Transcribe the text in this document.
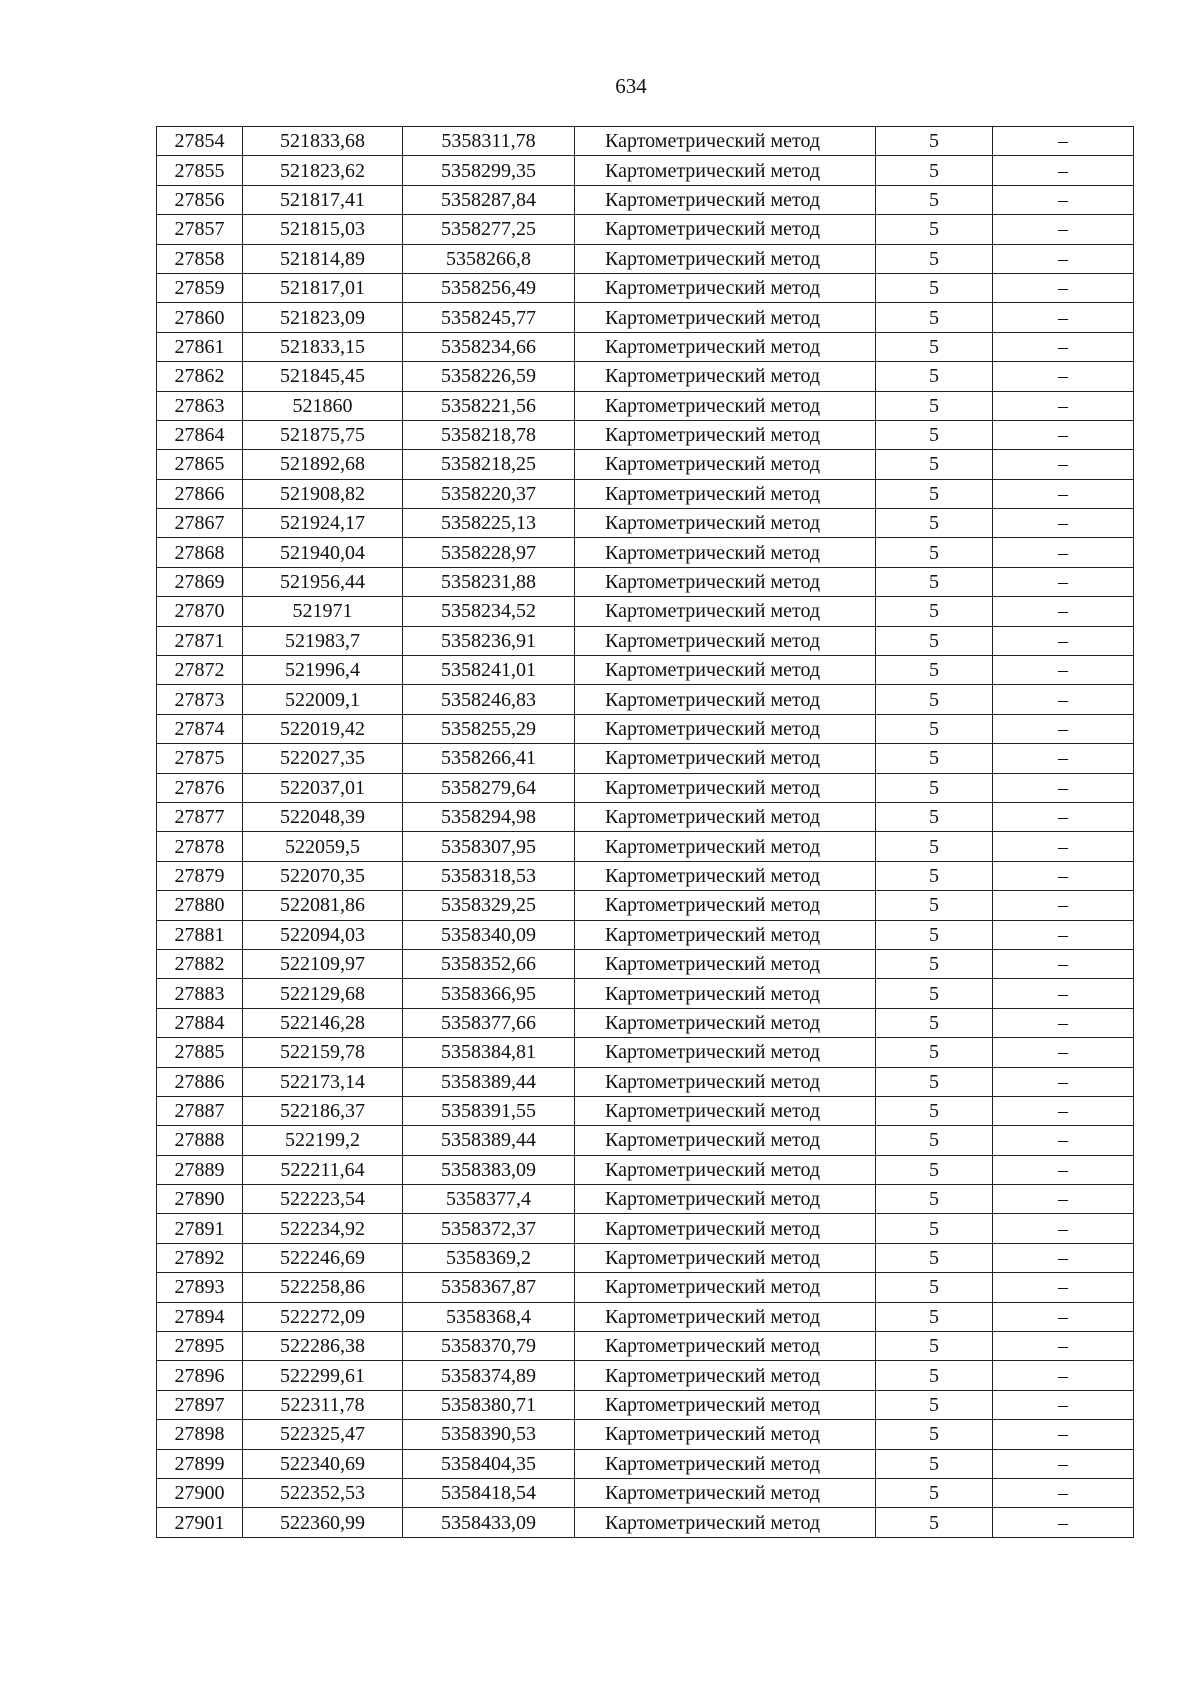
634
27854	521833,68	5358311,78	Картометрический метод	5	–
27855	521823,62	5358299,35	Картометрический метод	5	–
27856	521817,41	5358287,84	Картометрический метод	5	–
27857	521815,03	5358277,25	Картометрический метод	5	–
27858	521814,89	5358266,8	Картометрический метод	5	–
27859	521817,01	5358256,49	Картометрический метод	5	–
27860	521823,09	5358245,77	Картометрический метод	5	–
27861	521833,15	5358234,66	Картометрический метод	5	–
27862	521845,45	5358226,59	Картометрический метод	5	–
27863	521860	5358221,56	Картометрический метод	5	–
27864	521875,75	5358218,78	Картометрический метод	5	–
27865	521892,68	5358218,25	Картометрический метод	5	–
27866	521908,82	5358220,37	Картометрический метод	5	–
27867	521924,17	5358225,13	Картометрический метод	5	–
27868	521940,04	5358228,97	Картометрический метод	5	–
27869	521956,44	5358231,88	Картометрический метод	5	–
27870	521971	5358234,52	Картометрический метод	5	–
27871	521983,7	5358236,91	Картометрический метод	5	–
27872	521996,4	5358241,01	Картометрический метод	5	–
27873	522009,1	5358246,83	Картометрический метод	5	–
27874	522019,42	5358255,29	Картометрический метод	5	–
27875	522027,35	5358266,41	Картометрический метод	5	–
27876	522037,01	5358279,64	Картометрический метод	5	–
27877	522048,39	5358294,98	Картометрический метод	5	–
27878	522059,5	5358307,95	Картометрический метод	5	–
27879	522070,35	5358318,53	Картометрический метод	5	–
27880	522081,86	5358329,25	Картометрический метод	5	–
27881	522094,03	5358340,09	Картометрический метод	5	–
27882	522109,97	5358352,66	Картометрический метод	5	–
27883	522129,68	5358366,95	Картометрический метод	5	–
27884	522146,28	5358377,66	Картометрический метод	5	–
27885	522159,78	5358384,81	Картометрический метод	5	–
27886	522173,14	5358389,44	Картометрический метод	5	–
27887	522186,37	5358391,55	Картометрический метод	5	–
27888	522199,2	5358389,44	Картометрический метод	5	–
27889	522211,64	5358383,09	Картометрический метод	5	–
27890	522223,54	5358377,4	Картометрический метод	5	–
27891	522234,92	5358372,37	Картометрический метод	5	–
27892	522246,69	5358369,2	Картометрический метод	5	–
27893	522258,86	5358367,87	Картометрический метод	5	–
27894	522272,09	5358368,4	Картометрический метод	5	–
27895	522286,38	5358370,79	Картометрический метод	5	–
27896	522299,61	5358374,89	Картометрический метод	5	–
27897	522311,78	5358380,71	Картометрический метод	5	–
27898	522325,47	5358390,53	Картометрический метод	5	–
27899	522340,69	5358404,35	Картометрический метод	5	–
27900	522352,53	5358418,54	Картометрический метод	5	–
27901	522360,99	5358433,09	Картометрический метод	5	–
